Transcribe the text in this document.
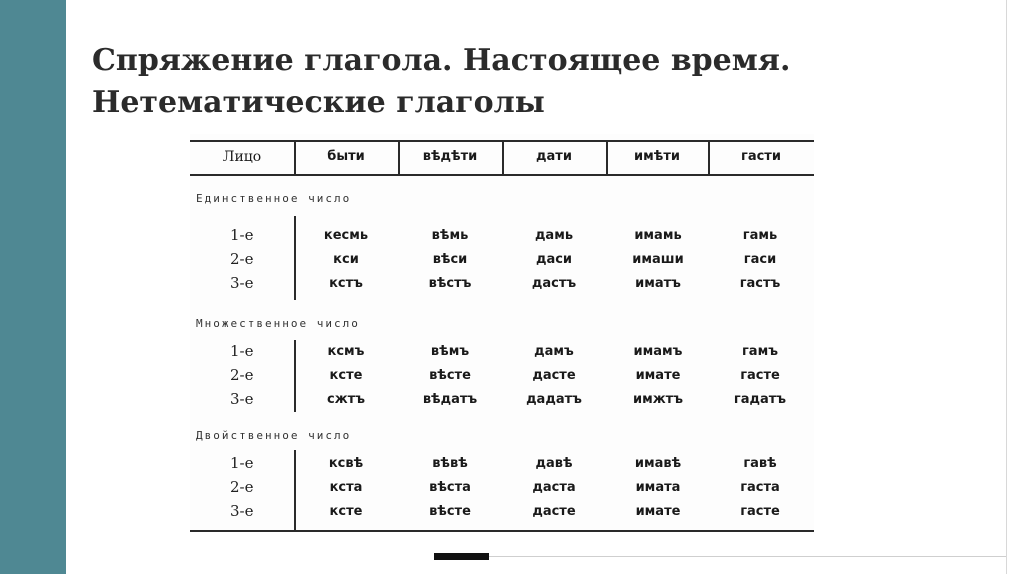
Спряжение глагола. Настоящее время.
Нетематические глаголы
Лицо	быти	вѣдѣти	дати	имѣти	гасти
Единственное число
1-е	кесмь	вѣмь	дамь	имамь	гамь
2-е	кси	вѣси	даси	имаши	гаси
3-е	кстъ	вѣстъ	дастъ	иматъ	гастъ
Множественное число
1-е	ксмъ	вѣмъ	дамъ	имамъ	гамъ
2-е	ксте	вѣсте	дасте	имате	гасте
3-е	сжтъ	вѣдатъ	дадатъ	имжтъ	гадатъ
Двойственное число
1-е	ксвѣ	вѣвѣ	давѣ	имавѣ	гавѣ
2-е	кста	вѣста	даста	имата	гаста
3-е	ксте	вѣсте	дасте	имате	гасте
